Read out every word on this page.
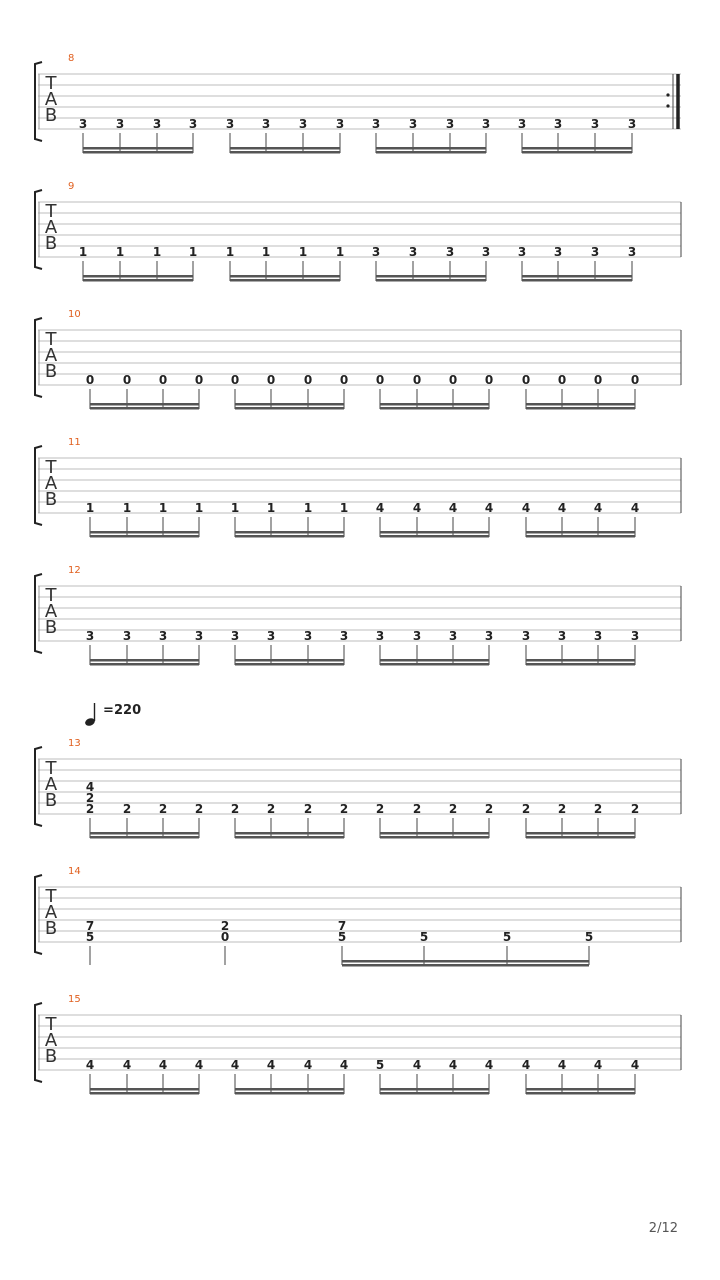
8
T
A
B 3 3 3 3 3 3 3 3 3 3 3 3 3 3 3 3
9
T
A
B 1 1 1 1 1 1 1 1 3 3 3 3 3 3 3 3
10
T
A
B 0 0 0 0 0 0 0 0 0 0 0 0 0 0 0 0
11
T
A
B 1 1 1 1 1 1 1 1 4 4 4 4 4 4 4 4
12
T
A
B 3 3 3 3 3 3 3 3 3 3 3 3 3 3 3 3
13
T
A
B 2
2
4
2 2 2 2 2 2 2 2 2 2 2 2 2 2 2
= 220
14
T
A
B 5
7
0
2
5
7
5	5	5
15
T
A
B 4 4 4 4 4 4 4 4 5 4 4 4 4 4 4 4
2/12
